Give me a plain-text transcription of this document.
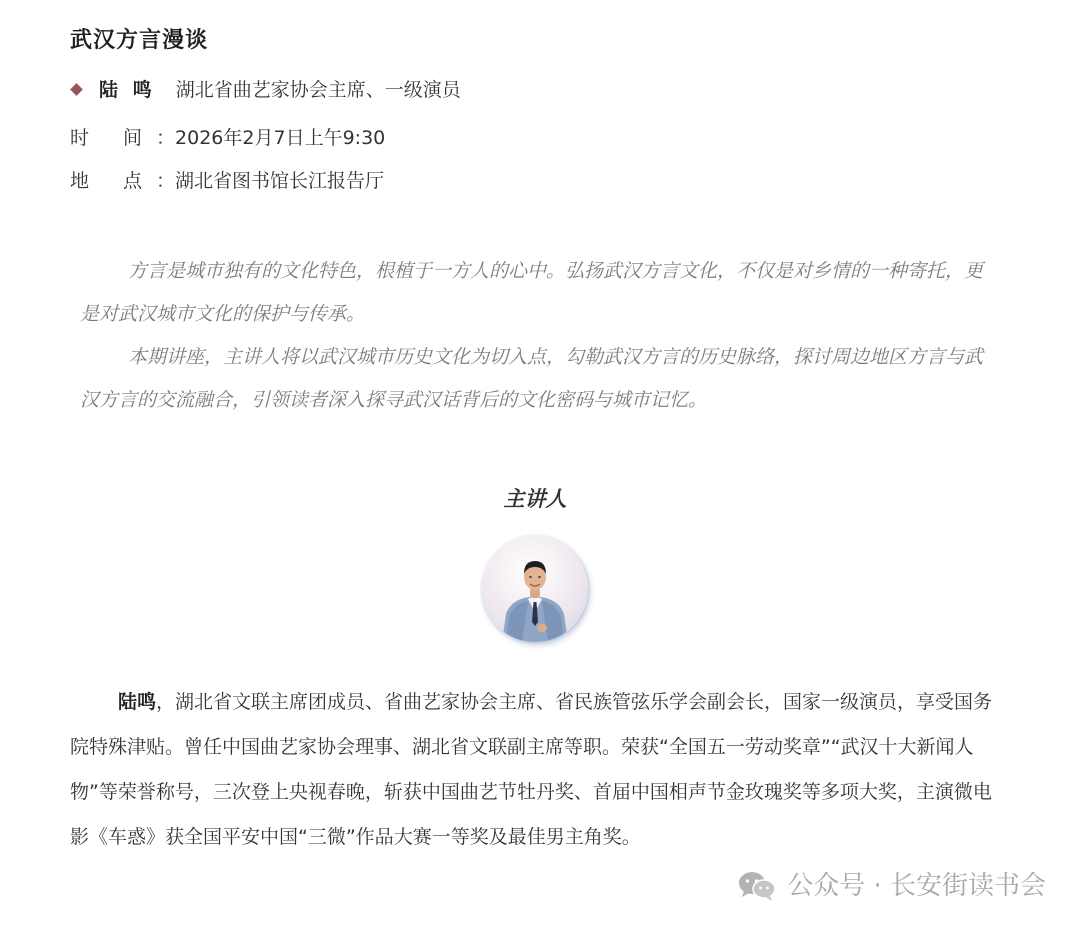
武汉方言漫谈
陆 鸣 湖北省曲艺家协会主席、一级演员
时 间：2026年2月7日上午9:30
地 点：湖北省图书馆长江报告厅

方言是城市独有的文化特色，根植于一方人的心中。弘扬武汉方言文化，不仅是对乡情的一种寄托，更是对武汉城市文化的保护与传承。

本期讲座，主讲人将以武汉城市历史文化为切入点，勾勒武汉方言的历史脉络，探讨周边地区方言与武汉方言的交流融合，引领读者深入探寻武汉话背后的文化密码与城市记忆。

主讲人

陆鸣，湖北省文联主席团成员、省曲艺家协会主席、省民族管弦乐学会副会长，国家一级演员，享受国务院特殊津贴。曾任中国曲艺家协会理事、湖北省文联副主席等职。荣获“全国五一劳动奖章”“武汉十大新闻人物”等荣誉称号，三次登上央视春晚，斩获中国曲艺节牡丹奖、首届中国相声节金玫瑰奖等多项大奖，主演微电影《车惑》获全国平安中国“三微”作品大赛一等奖及最佳男主角奖。

公众号 · 长安街读书会
